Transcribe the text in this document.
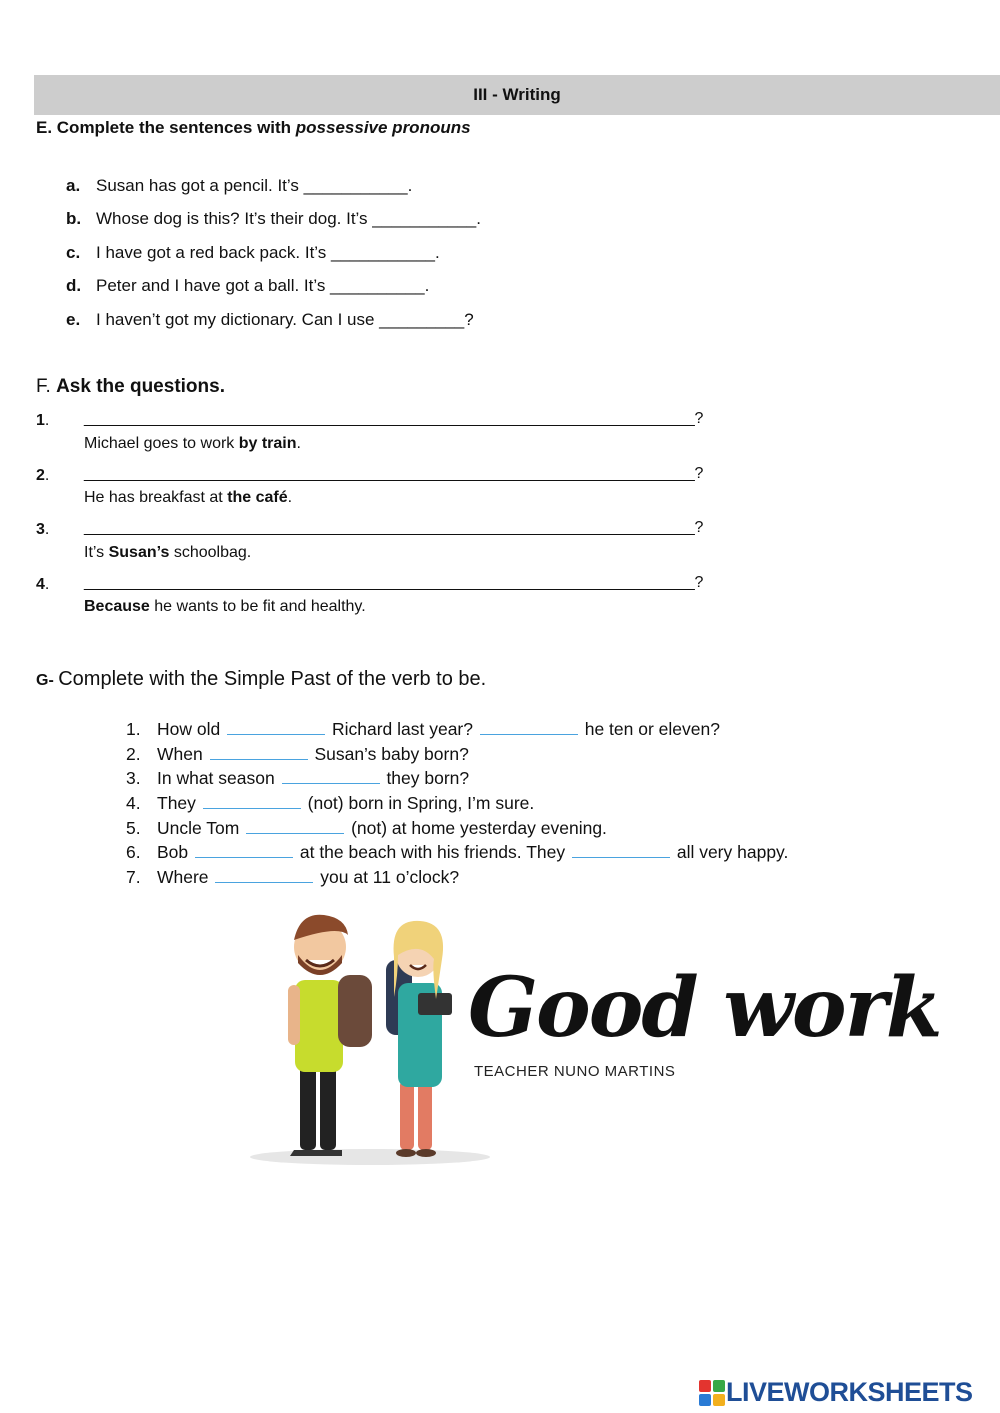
III - Writing
E. Complete the sentences with possessive pronouns
a. Susan has got a pencil. It’s ___________.
b. Whose dog is this? It’s their dog. It’s ___________.
c. I have got a red back pack. It’s ___________.
d. Peter and I have got a ball. It’s __________.
e. I haven’t got my dictionary. Can I use _________?
F. Ask the questions.
1. _______________________________________________________________________?
Michael goes to work by train.
2. _______________________________________________________________________?
He has breakfast at the café.
3. _______________________________________________________________________?
It’s Susan’s schoolbag.
4. _______________________________________________________________________?
Because he wants to be fit and healthy.
G- Complete with the Simple Past of the verb to be.
1. How old	Richard last year?	he ten or eleven?
2. When	Susan’s baby born?
3. In what season	they born?
4. They	(not) born in Spring, I’m sure.
5. Uncle Tom	(not) at home yesterday evening.
6. Bob	at the beach with his friends. They	all very happy.
7. Where	you at 11 o’clock?
Good work
TEACHER NUNO MARTINS
LIVEWORKSHEETS
